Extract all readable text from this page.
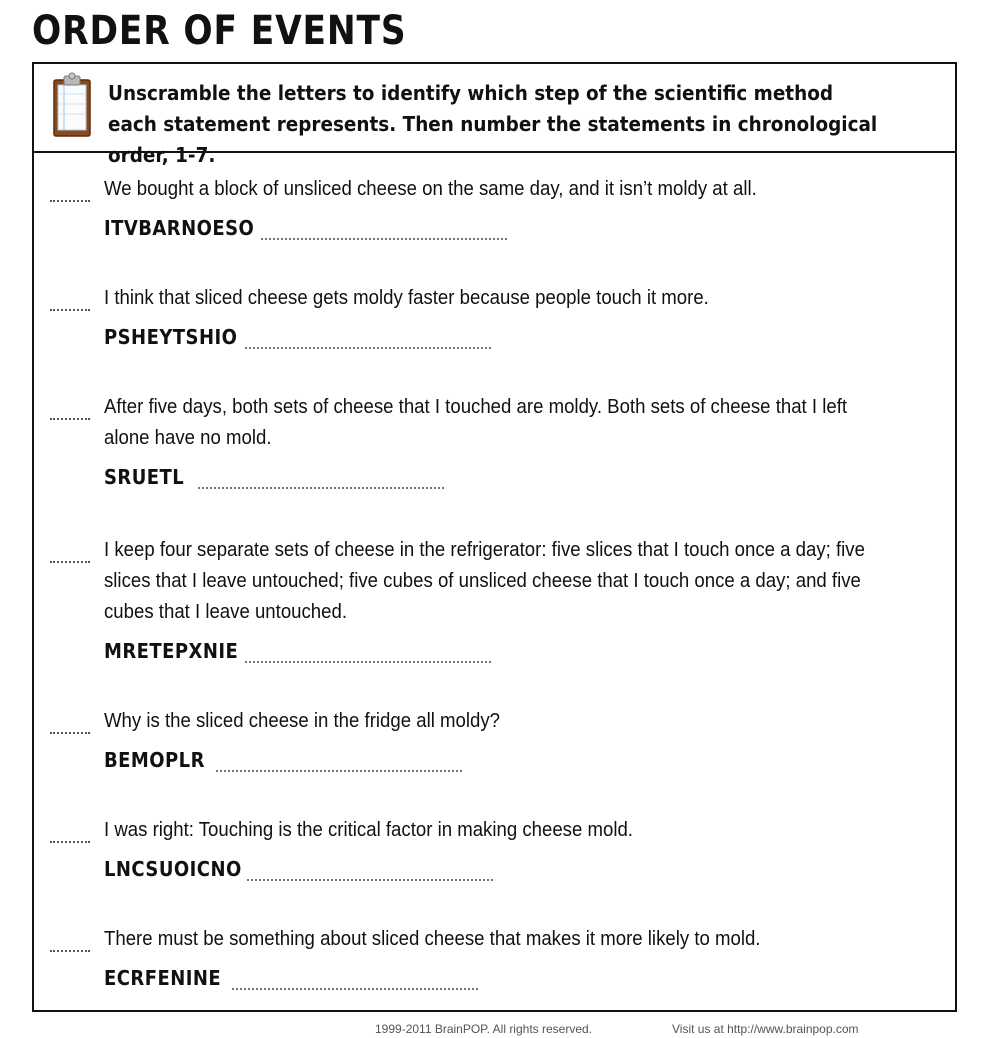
ORDER OF EVENTS
Unscramble the letters to identify which step of the scientific method each statement represents. Then number the statements in chronological order, 1-7.
We bought a block of unsliced cheese on the same day, and it isn’t moldy at all.
ITVBARNOESO
I think that sliced cheese gets moldy faster because people touch it more.
PSHEYTSHIO
After five days, both sets of cheese that I touched are moldy. Both sets of cheese that I left alone have no mold.
SRUETL
I keep four separate sets of cheese in the refrigerator: five slices that I touch once a day; five slices that I leave untouched; five cubes of unsliced cheese that I touch once a day; and five cubes that I leave untouched.
MRETEPXNIE
Why is the sliced cheese in the fridge all moldy?
BEMOPLR
I was right: Touching is the critical factor in making cheese mold.
LNCSUOICNO
There must be something about sliced cheese that makes it more likely to mold.
ECRFENINE
1999-2011 BrainPOP. All rights reserved.	Visit us at http://www.brainpop.com
